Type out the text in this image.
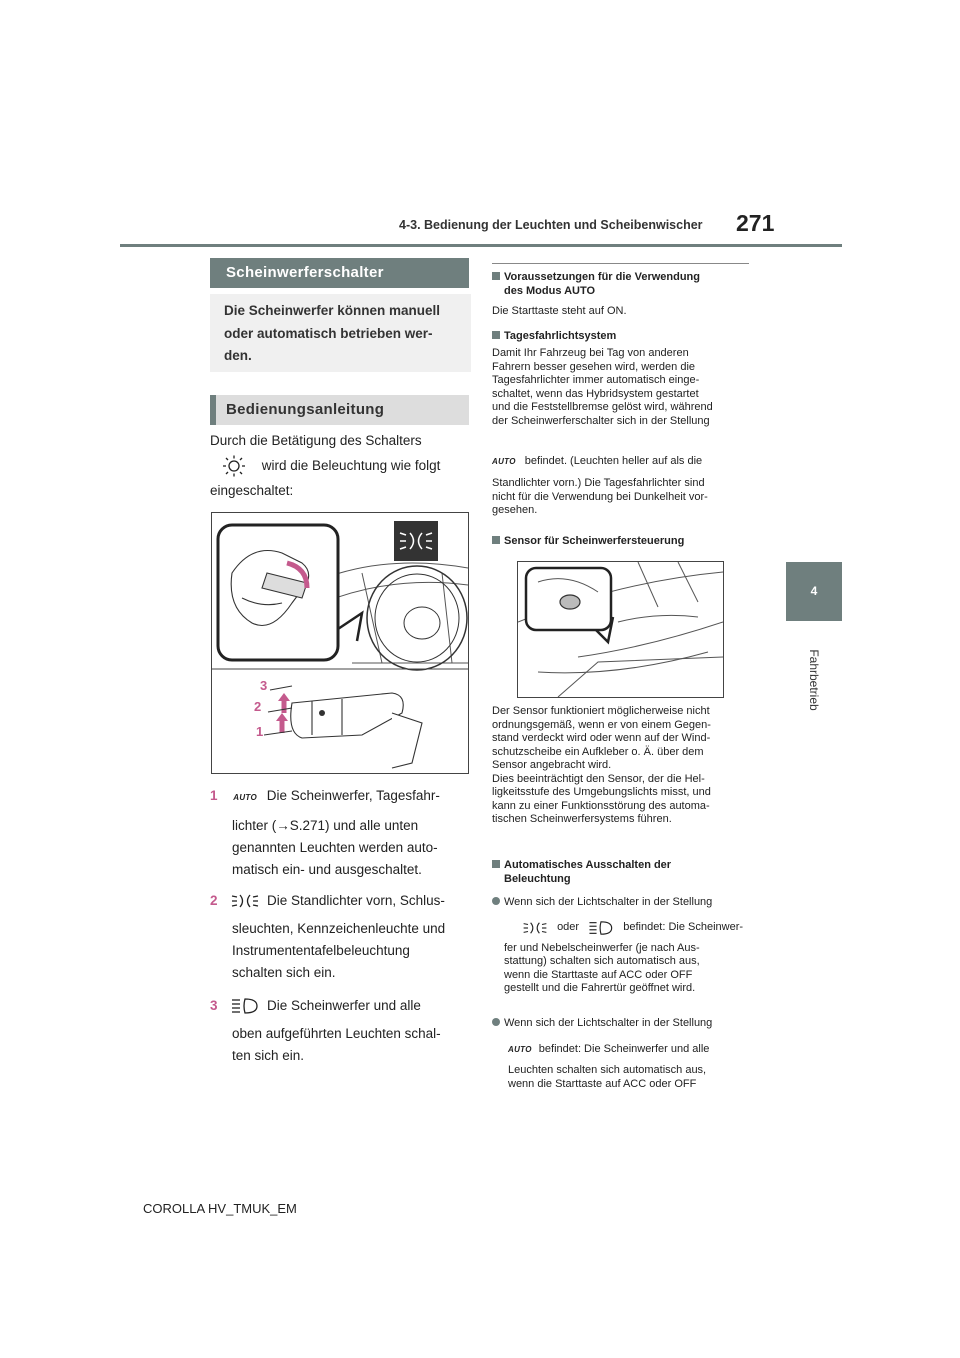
4-3. Bedienung der Leuchten und Scheibenwischer 271
4
Fahrbetrieb
Scheinwerferschalter
Die Scheinwerfer können manuell
oder automatisch betrieben wer-
den.
Bedienungsanleitung
Durch die Betätigung des Schalters
wird die Beleuchtung wie folgt
eingeschaltet:
3
2
1
1 AUTO Die Scheinwerfer, Tagesfahr-
lichter (→S.271) und alle unten
genannten Leuchten werden auto-
matisch ein- und ausgeschaltet.
2	Die Standlichter vorn, Schlus-
sleuchten, Kennzeichenleuchte und
Instrumententafelbeleuchtung
schalten sich ein.
3	Die Scheinwerfer und alle
oben aufgeführten Leuchten schal-
ten sich ein.
Voraussetzungen für die Verwendung
des Modus AUTO
Die Starttaste steht auf ON.
Tagesfahrlichtsystem
Damit Ihr Fahrzeug bei Tag von anderen
Fahrern besser gesehen wird, werden die
Tagesfahrlichter immer automatisch einge-
schaltet, wenn das Hybridsystem gestartet
und die Feststellbremse gelöst wird, während
der Scheinwerferschalter sich in der Stellung
AUTO befindet. (Leuchten heller auf als die
Standlichter vorn.) Die Tagesfahrlichter sind
nicht für die Verwendung bei Dunkelheit vor-
gesehen.
Sensor für Scheinwerfersteuerung
Der Sensor funktioniert möglicherweise nicht
ordnungsgemäß, wenn er von einem Gegen-
stand verdeckt wird oder wenn auf der Wind-
schutzscheibe ein Aufkleber o. Ä. über dem
Sensor angebracht wird.
Dies beeinträchtigt den Sensor, der die Hel-
ligkeitsstufe des Umgebungslichts misst, und
kann zu einer Funktionsstörung des automa-
tischen Scheinwerfersystems führen.
Automatisches Ausschalten der
Beleuchtung
Wenn sich der Lichtschalter in der Stellung
oder	befindet: Die Scheinwer-
fer und Nebelscheinwerfer (je nach Aus-
stattung) schalten sich automatisch aus,
wenn die Starttaste auf ACC oder OFF
gestellt und die Fahrertür geöffnet wird.
Wenn sich der Lichtschalter in der Stellung
AUTO befindet: Die Scheinwerfer und alle
Leuchten schalten sich automatisch aus,
wenn die Starttaste auf ACC oder OFF
COROLLA HV_TMUK_EM
